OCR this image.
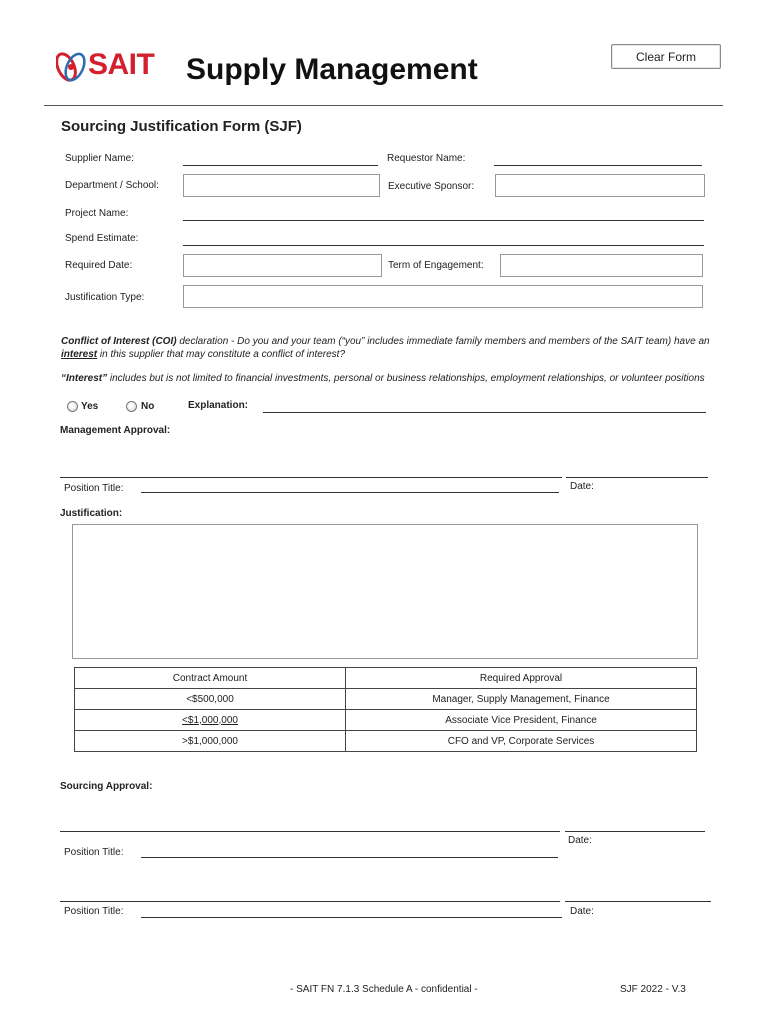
SAIT Supply Management	Clear Form
Sourcing Justification Form (SJF)
Supplier Name:	Requestor Name:
Department / School:	Executive Sponsor:
Project Name:
Spend Estimate:
Required Date:	Term of Engagement:
Justification Type:
Conflict of Interest (COI) declaration - Do you and your team (“you” includes immediate family members and members of the SAIT team) have an interest in this supplier that may constitute a conflict of interest?
“Interest” includes but is not limited to financial investments, personal or business relationships, employment relationships, or volunteer positions
Yes	No	Explanation:
Management Approval:
Date:
Position Title:
Justification:
Contract Amount	Required Approval
<$500,000	Manager, Supply Management, Finance
<$1,000,000	Associate Vice President, Finance
>$1,000,000	CFO and VP, Corporate Services
Sourcing Approval:
Date:
Position Title:
Date:
Position Title:
- SAIT FN 7.1.3 Schedule A - confidential -	SJF 2022 - V.3
